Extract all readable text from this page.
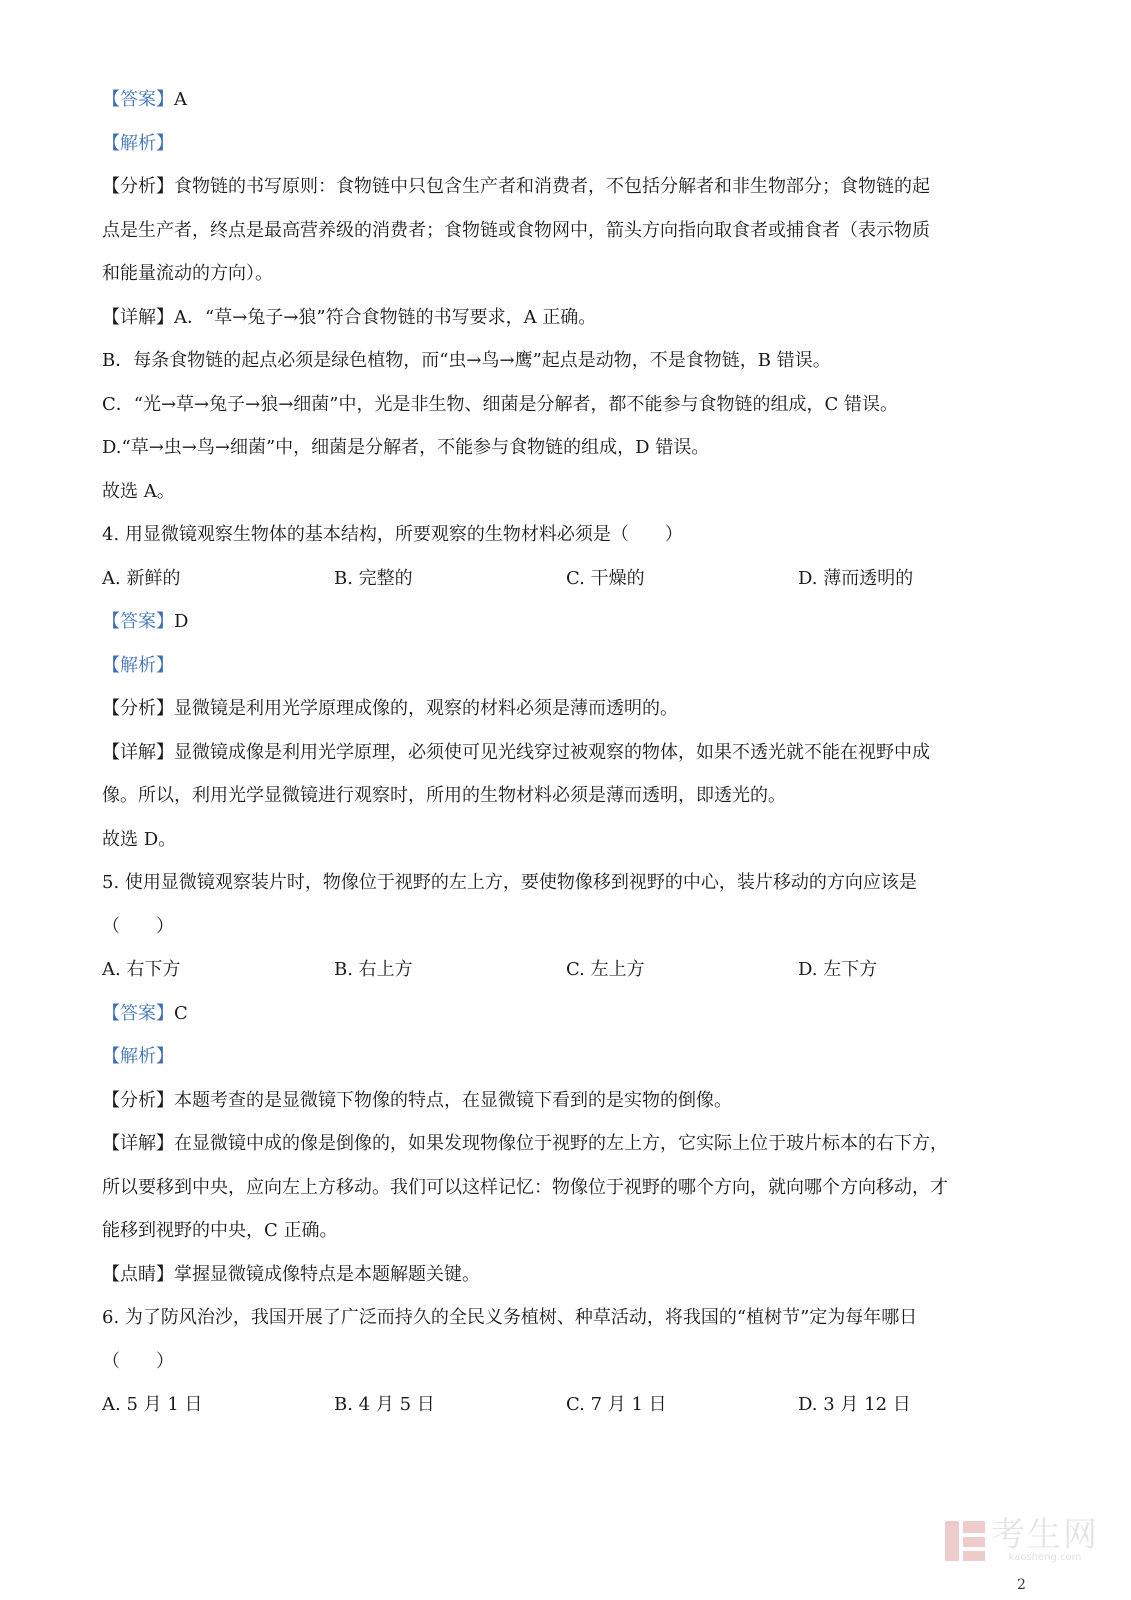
【答案】A
【解析】
【分析】食物链的书写原则：食物链中只包含生产者和消费者，不包括分解者和非生物部分；食物链的起
点是生产者，终点是最高营养级的消费者；食物链或食物网中，箭头方向指向取食者或捕食者（表示物质
和能量流动的方向）。
【详解】A．“草→兔子→狼”符合食物链的书写要求，A 正确。
B．每条食物链的起点必须是绿色植物，而“虫→鸟→鹰”起点是动物，不是食物链，B 错误。
C．“光→草→兔子→狼→细菌”中，光是非生物、细菌是分解者，都不能参与食物链的组成，C 错误。
D.“草→虫→鸟→细菌”中，细菌是分解者，不能参与食物链的组成，D 错误。
故选 A。
4. 用显微镜观察生物体的基本结构，所要观察的生物材料必须是（　　）
A. 新鲜的	B. 完整的	C. 干燥的	D. 薄而透明的
【答案】D
【解析】
【分析】显微镜是利用光学原理成像的，观察的材料必须是薄而透明的。
【详解】显微镜成像是利用光学原理，必须使可见光线穿过被观察的物体，如果不透光就不能在视野中成
像。所以，利用光学显微镜进行观察时，所用的生物材料必须是薄而透明，即透光的。
故选 D。
5. 使用显微镜观察装片时，物像位于视野的左上方，要使物像移到视野的中心，装片移动的方向应该是
（　　）
A. 右下方	B. 右上方	C. 左上方	D. 左下方
【答案】C
【解析】
【分析】本题考查的是显微镜下物像的特点，在显微镜下看到的是实物的倒像。
【详解】在显微镜中成的像是倒像的，如果发现物像位于视野的左上方，它实际上位于玻片标本的右下方，
所以要移到中央，应向左上方移动。我们可以这样记忆：物像位于视野的哪个方向，就向哪个方向移动，才
能移到视野的中央，C 正确。
【点睛】掌握显微镜成像特点是本题解题关键。
6. 为了防风治沙，我国开展了广泛而持久的全民义务植树、种草活动，将我国的“植树节”定为每年哪日
（　　）
A. 5 月 1 日	B. 4 月 5 日	C. 7 月 1 日	D. 3 月 12 日
考生网
kaosheng.com
2
